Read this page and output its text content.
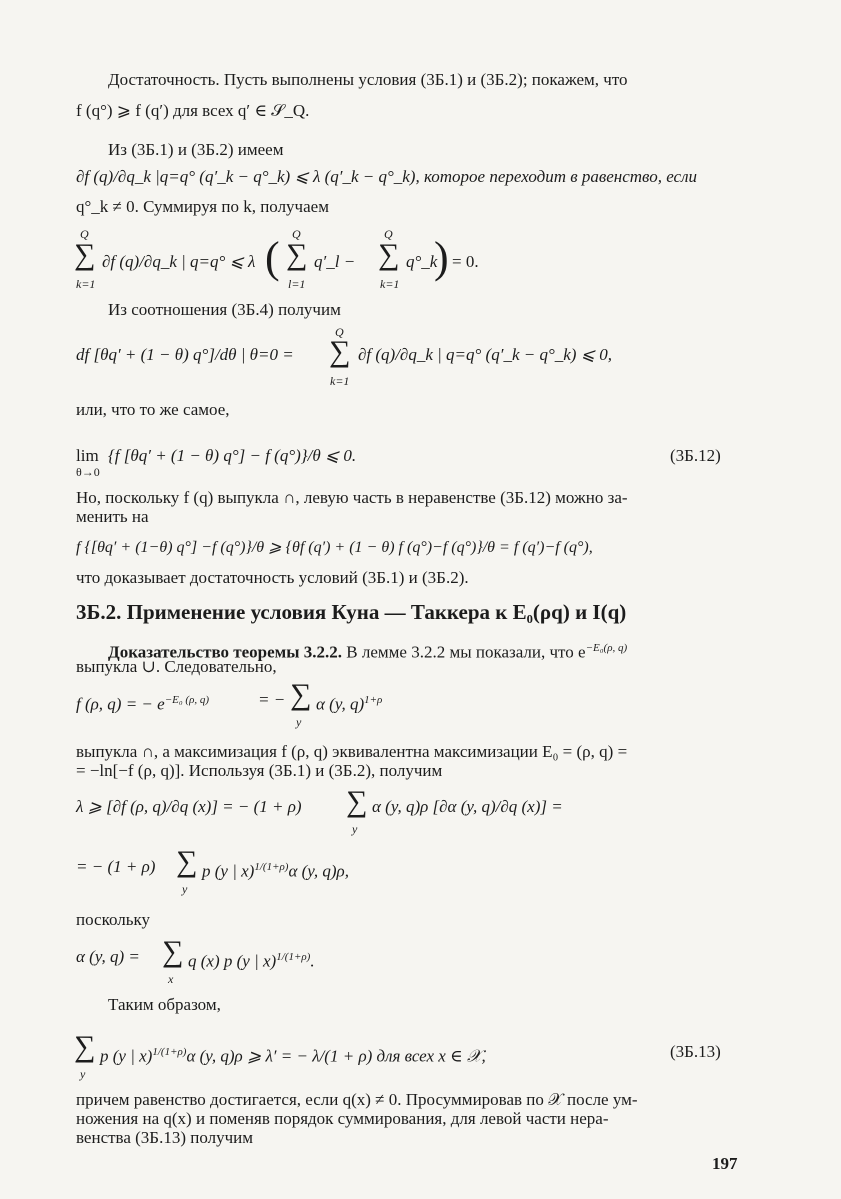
Достаточность. Пусть выполнены условия (3Б.1) и (3Б.2); покажем, что
f (q°) ⩾ f (q′) для всех q′ ∈ 𝒮_Q.
Из (3Б.1) и (3Б.2) имеем
∂f (q)/∂q_k |q=q° (q′_k − q°_k) ⩽ λ (q′_k − q°_k), которое переходит в равенство, если
q°_k ≠ 0. Суммируя по k, получаем
Q
∑
k=1
∂f (q)/∂q_k | q=q° ⩽ λ ( Q
∑
l=1
q′_l −
Q
∑
k=1
q°_k
) = 0.
Из соотношения (3Б.4) получим
df [θq′ + (1 − θ) q°]/dθ | θ=0 =
Q
∑
k=1
∂f (q)/∂q_k | q=q° (q′_k − q°_k) ⩽ 0,
или, что то же самое,
lim
θ→0
{f [θq′ + (1 − θ) q°] − f (q°)}/θ ⩽ 0.	(3Б.12)
Но, поскольку f (q) выпукла ∩, левую часть в неравенстве (3Б.12) можно за-
менить на
f {[θq′ + (1−θ) q°] −f (q°)}/θ ⩾ {θf (q′) + (1 − θ) f (q°)−f (q°)}/θ = f (q′)−f (q°),
что доказывает достаточность условий (3Б.1) и (3Б.2).
3Б.2. Применение условия Куна — Таккера к E₀(ρq) и I(q)
Доказательство теоремы 3.2.2. В лемме 3.2.2 мы показали, что $e^{-E_0(\rho, q)}$
выпукла ∪. Следовательно,
f (ρ, q) = − $e^{-E_0 (\rho, q)}$	= − ∑
y
α (y, q)$^{1+\rho}$
выпукла ∩, а максимизация f (ρ, q) эквивалентна максимизации E₀ = (ρ, q) =
= −ln[−f (ρ, q)]. Используя (3Б.1) и (3Б.2), получим
λ ⩾ [∂f (ρ, q)/∂q (x)] = − (1 + ρ) ∑
y
α (y, q)ρ [∂α (y, q)/∂q (x)] =
= − (1 + ρ) ∑
y
p (y | x)$^{1/(1+\rho)}$α (y, q)ρ,
поскольку
α (y, q) = ∑
x
q (x) p (y | x)$^{1/(1+\rho)}$.
Таким образом,
∑
y
p (y | x)$^{1/(1+\rho)}$α (y, q)ρ ⩾ λ′ = − λ/(1 + ρ) для всех x ∈ 𝒳,	(3Б.13)
причем равенство достигается, если q(x) ≠ 0. Просуммировав по 𝒳 после ум-
ножения на q(x) и поменяв порядок суммирования, для левой части нера-
венства (3Б.13) получим
197
